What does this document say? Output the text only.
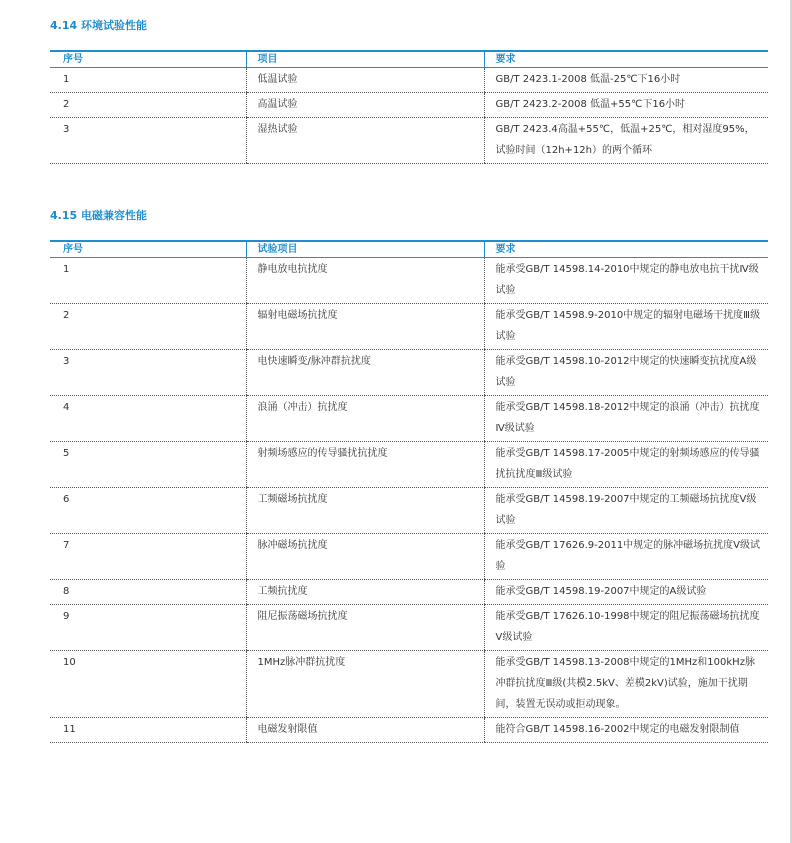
4.14 环境试验性能
序号	项目	要求
1	低温试验	GB/T 2423.1-2008 低温-25℃下16小时
2	高温试验	GB/T 2423.2-2008 低温+55℃下16小时
3	湿热试验	GB/T 2423.4高温+55℃，低温+25℃，相对湿度95%，试验时间（12h+12h）的两个循环
4.15 电磁兼容性能
序号	试验项目	要求
1	静电放电抗扰度	能承受GB/T 14598.14-2010中规定的静电放电抗干扰Ⅳ级试验
2	辐射电磁场抗扰度	能承受GB/T 14598.9-2010中规定的辐射电磁场干扰度Ⅲ级试验
3	电快速瞬变/脉冲群抗扰度	能承受GB/T 14598.10-2012中规定的快速瞬变抗扰度A级试验
4	浪涌（冲击）抗扰度	能承受GB/T 14598.18-2012中规定的浪涌（冲击）抗扰度Ⅳ级试验
5	射频场感应的传导骚扰抗扰度	能承受GB/T 14598.17-2005中规定的射频场感应的传导骚扰抗扰度Ⅲ级试验
6	工频磁场抗扰度	能承受GB/T 14598.19-2007中规定的工频磁场抗扰度Ⅴ级试验
7	脉冲磁场抗扰度	能承受GB/T 17626.9-2011中规定的脉冲磁场抗扰度Ⅴ级试验
8	工频抗扰度	能承受GB/T 14598.19-2007中规定的A级试验
9	阻尼振荡磁场抗扰度	能承受GB/T 17626.10-1998中规定的阻尼振荡磁场抗扰度Ⅴ级试验
10	1MHz脉冲群抗扰度	能承受GB/T 14598.13-2008中规定的1MHz和100kHz脉冲群抗扰度Ⅲ级(共模2.5kV、差模2kV)试验，施加干扰期间，装置无误动或拒动现象。
11	电磁发射限值	能符合GB/T 14598.16-2002中规定的电磁发射限制值
